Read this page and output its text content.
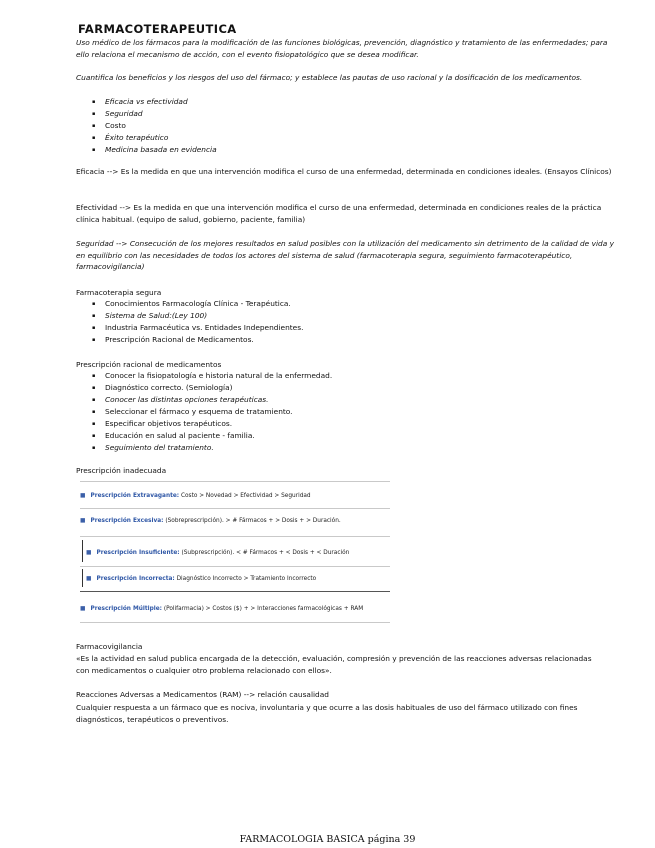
FARMACOTERAPEUTICA
Uso médico de los fármacos para la modificación de las funciones biológicas, prevención, diagnóstico y tratamiento de las enfermedades; para ello relaciona el mecanismo de acción, con el evento fisiopatológico que se desea modificar.
Cuantifica los beneficios y los riesgos del uso del fármaco; y establece las pautas de uso racional y la dosificación de los medicamentos.
▪ Eficacia vs efectividad
▪ Seguridad
▪ Costo
▪ Éxito terapéutico
▪ Medicina basada en evidencia
Eficacia --> Es la medida en que una intervención modifica el curso de una enfermedad, determinada en condiciones ideales. (Ensayos Clínicos)
Efectividad --> Es la medida en que una intervención modifica el curso de una enfermedad, determinada en condiciones reales de la práctica clínica habitual. (equipo de salud, gobierno, paciente, familia)
Seguridad --> Consecución de los mejores resultados en salud posibles con la utilización del medicamento sin detrimento de la calidad de vida y en equilibrio con las necesidades de todos los actores del sistema de salud (farmacoterapia segura, seguimiento farmacoterapéutico, farmacovigilancia)
Farmacoterapia segura
▪ Conocimientos Farmacología Clínica - Terapéutica.
▪ Sistema de Salud:(Ley 100)
▪ Industria Farmacéutica vs. Entidades Independientes.
▪ Prescripción Racional de Medicamentos.
Prescripción racional de medicamentos
▪ Conocer la fisiopatología e historia natural de la enfermedad.
▪ Diagnóstico correcto. (Semiología)
▪ Conocer las distintas opciones terapéuticas.
▪ Seleccionar el fármaco y esquema de tratamiento.
▪ Especificar objetivos terapéuticos.
▪ Educación en salud al paciente - familia.
▪ Seguimiento del tratamiento.
Prescripción inadecuada
■ Prescripción Extravagante: Costo > Novedad > Efectividad > Seguridad
■ Prescripción Excesiva: (Sobreprescripción). > # Fármacos + > Dosis + > Duración.
■ Prescripción Insuficiente: (Subprescripción). < # Fármacos + < Dosis + < Duración
■ Prescripción Incorrecta: Diagnóstico Incorrecto > Tratamiento Incorrecto
■ Prescripción Múltiple: (Polifarmacia) > Costos ($) + > Interacciones farmacológicas + RAM
Farmacovigilancia
«Es la actividad en salud publica encargada de la detección, evaluación, compresión y prevención de las reacciones adversas relacionadas con medicamentos o cualquier otro problema relacionado con ellos».
Reacciones Adversas a Medicamentos (RAM) --> relación causalidad
Cualquier respuesta a un fármaco que es nociva, involuntaria y que ocurre a las dosis habituales de uso del fármaco utilizado con fines diagnósticos, terapéuticos o preventivos.
FARMACOLOGIA BASICA página 39
